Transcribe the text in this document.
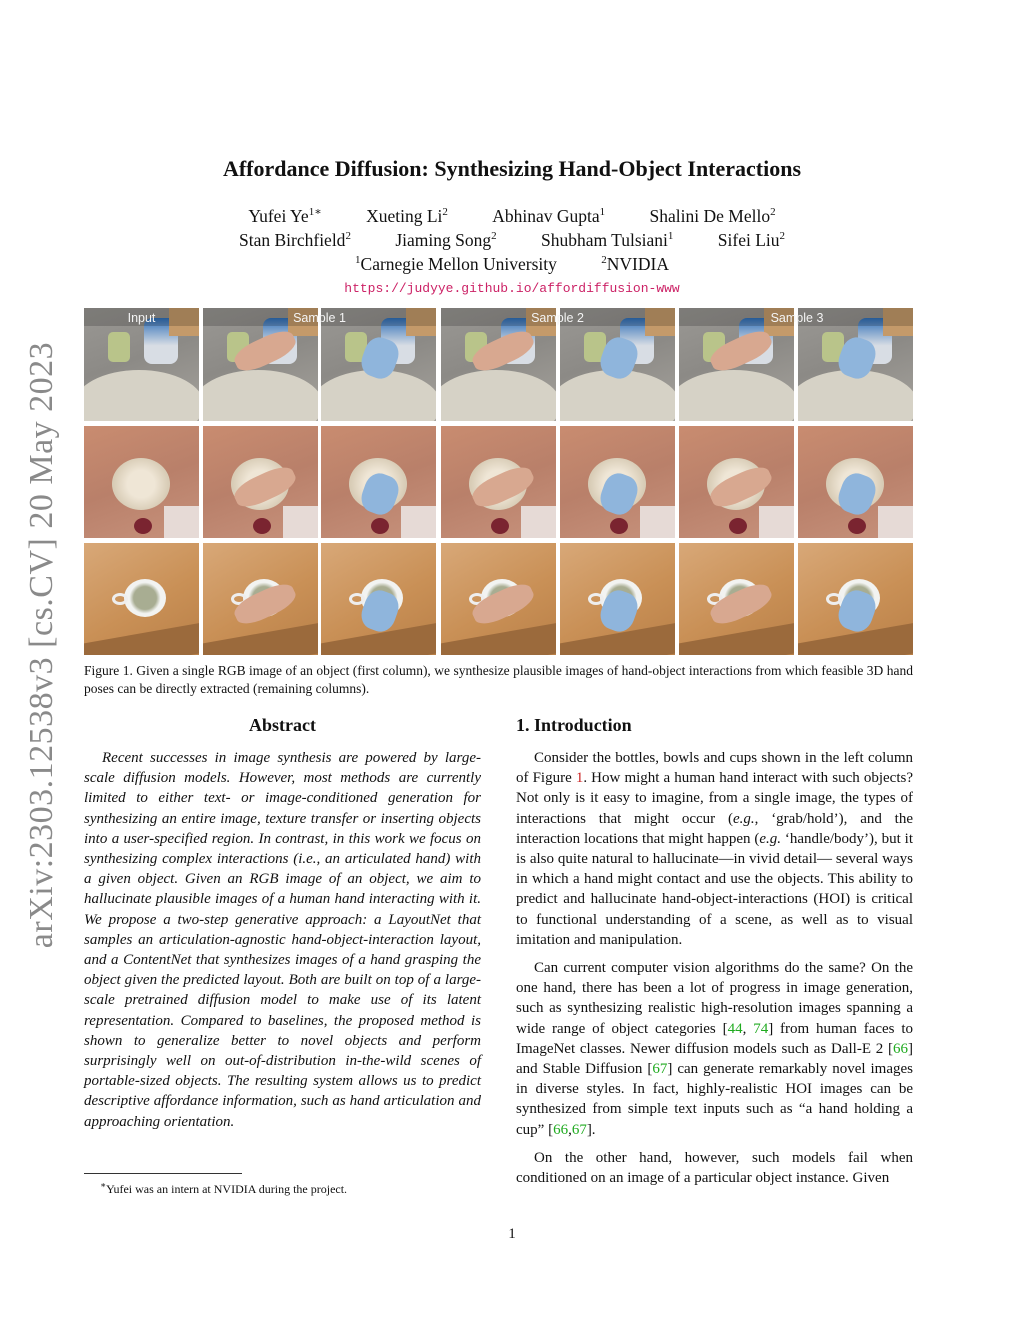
arXiv:2303.12538v3 [cs.CV] 20 May 2023
Affordance Diffusion: Synthesizing Hand-Object Interactions
Yufei $Ye^{1∗}$	Xueting Li$^2$	Abhinav Gupta$^1$	Shalini De Mello$^2$
Stan Birchfield$^2$	Jiaming Song$^2$	Shubham Tulsiani$^1$	Sifei Liu$^2$
$^1$Carnegie Mellon University	$^2$NVIDIA
https://judyye.github.io/affordiffusion-www
Input	Sample 1	Sample 2	Sample 3
Figure 1. Given a single RGB image of an object (first column), we synthesize plausible images of hand-object interactions from which feasible 3D hand poses can be directly extracted (remaining columns).
Abstract
Recent successes in image synthesis are powered by large-scale diffusion models. However, most methods are currently limited to either text- or image-conditioned generation for synthesizing an entire image, texture transfer or inserting objects into a user-specified region. In contrast, in this work we focus on synthesizing complex interactions (i.e., an articulated hand) with a given object. Given an RGB image of an object, we aim to hallucinate plausible images of a human hand interacting with it. We propose a two-step generative approach: a LayoutNet that samples an articulation-agnostic hand-object-interaction layout, and a ContentNet that synthesizes images of a hand grasping the object given the predicted layout. Both are built on top of a large-scale pretrained diffusion model to make use of its latent representation. Compared to baselines, the proposed method is shown to generalize better to novel objects and perform surprisingly well on out-of-distribution in-the-wild scenes of portable-sized objects. The resulting system allows us to predict descriptive affordance information, such as hand articulation and approaching orientation.
1. Introduction

Consider the bottles, bowls and cups shown in the left column of Figure 1. How might a human hand interact with such objects? Not only is it easy to imagine, from a single image, the types of interactions that might occur (e.g., ‘grab/hold’), and the interaction locations that might happen (e.g. ‘handle/body’), but it is also quite natural to hallucinate—in vivid detail— several ways in which a hand might contact and use the objects. This ability to predict and hallucinate hand-object-interactions (HOI) is critical to functional understanding of a scene, as well as to visual imitation and manipulation.

Can current computer vision algorithms do the same? On the one hand, there has been a lot of progress in image generation, such as synthesizing realistic high-resolution images spanning a wide range of object categories [44, 74] from human faces to ImageNet classes. Newer diffusion models such as Dall-E 2 [66] and Stable Diffusion [67] can generate remarkably novel images in diverse styles. In fact, highly-realistic HOI images can be synthesized from simple text inputs such as “a hand holding a cup” [66,67].

On the other hand, however, such models fail when conditioned on an image of a particular object instance. Given

∗Yufei was an intern at NVIDIA during the project.
1
